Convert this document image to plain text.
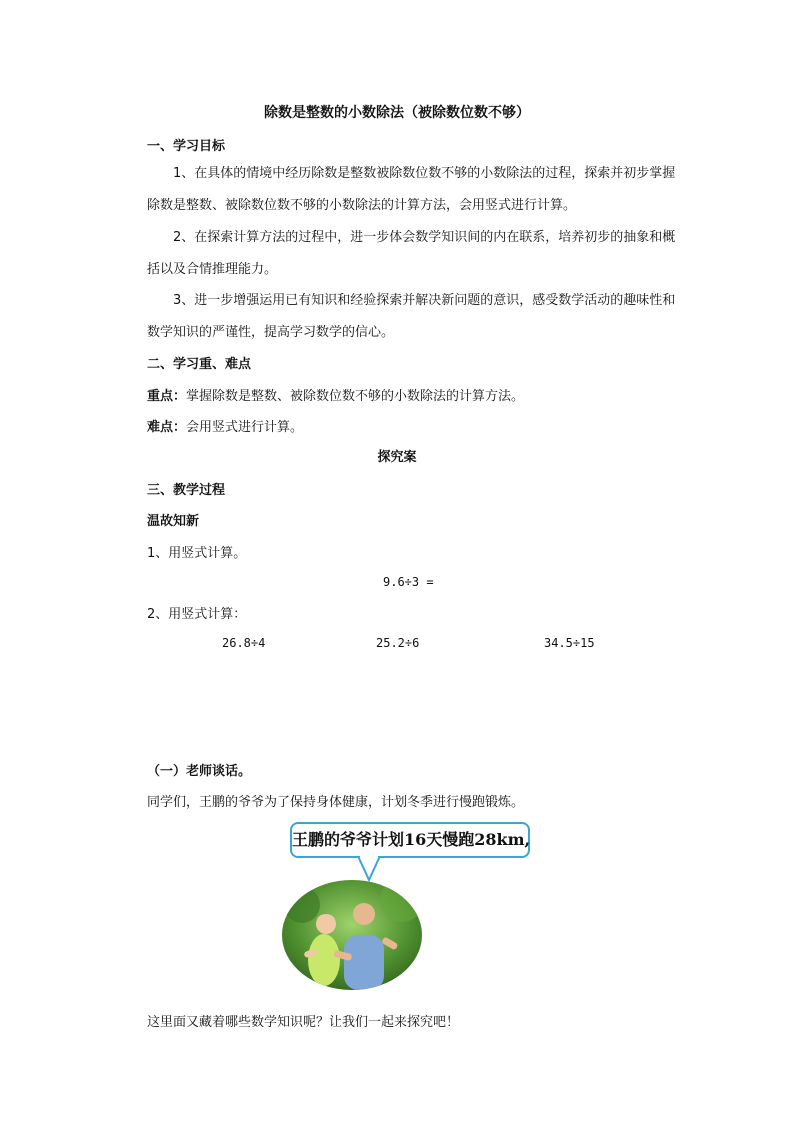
除数是整数的小数除法（被除数位数不够）
一、学习目标
1、在具体的情境中经历除数是整数被除数位数不够的小数除法的过程，探索并初步掌握除数是整数、被除数位数不够的小数除法的计算方法，会用竖式进行计算。
2、在探索计算方法的过程中，进一步体会数学知识间的内在联系，培养初步的抽象和概括以及合情推理能力。
3、进一步增强运用已有知识和经验探索并解决新问题的意识，感受数学活动的趣味性和数学知识的严谨性，提高学习数学的信心。
二、学习重、难点
重点：掌握除数是整数、被除数位数不够的小数除法的计算方法。
难点：会用竖式进行计算。
探究案
三、教学过程
温故知新
1、用竖式计算。
9.6÷3 =
2、用竖式计算：
26.8÷4	25.2÷6	34.5÷15
（一）老师谈话。
同学们，王鹏的爷爷为了保持身体健康，计划冬季进行慢跑锻炼。
王鹏的爷爷计划16天慢跑28km,
这里面又藏着哪些数学知识呢？让我们一起来探究吧！
